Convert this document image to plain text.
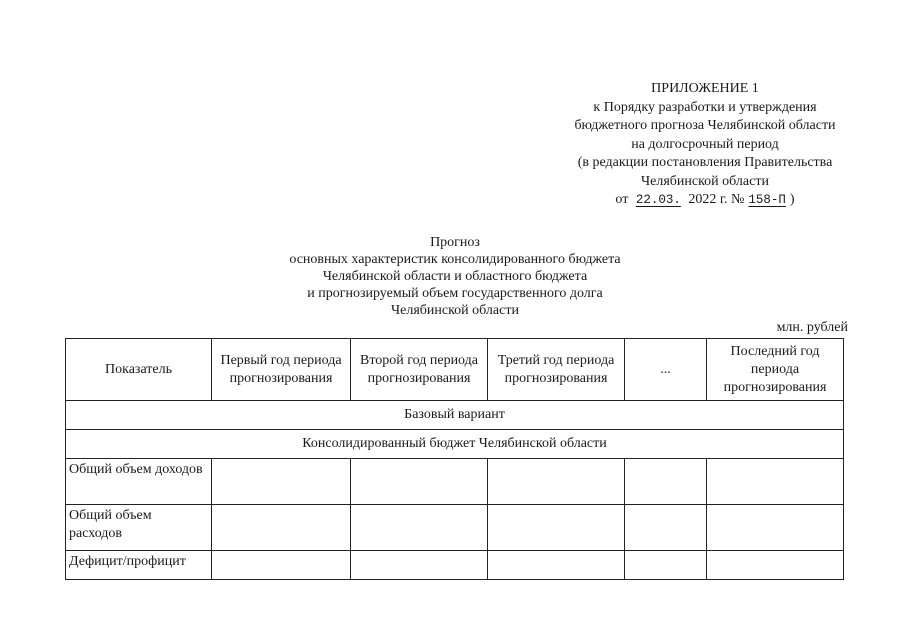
ПРИЛОЖЕНИЕ 1
к Порядку разработки и утверждения
бюджетного прогноза Челябинской области
на долгосрочный период
(в редакции постановления Правительства
Челябинской области
от 22.03. 2022 г. № 158-П )
Прогноз
основных характеристик консолидированного бюджета
Челябинской области и областного бюджета
и прогнозируемый объем государственного долга
Челябинской области
млн. рублей
Показатель	Первый год периода прогнозирования	Второй год периода прогнозирования	Третий год периода прогнозирования	...	Последний год периода прогнозирования
Базовый вариант					
Консолидированный бюджет Челябинской области					
Общий объем доходов					
Общий объем расходов					
Дефицит/профицит					
